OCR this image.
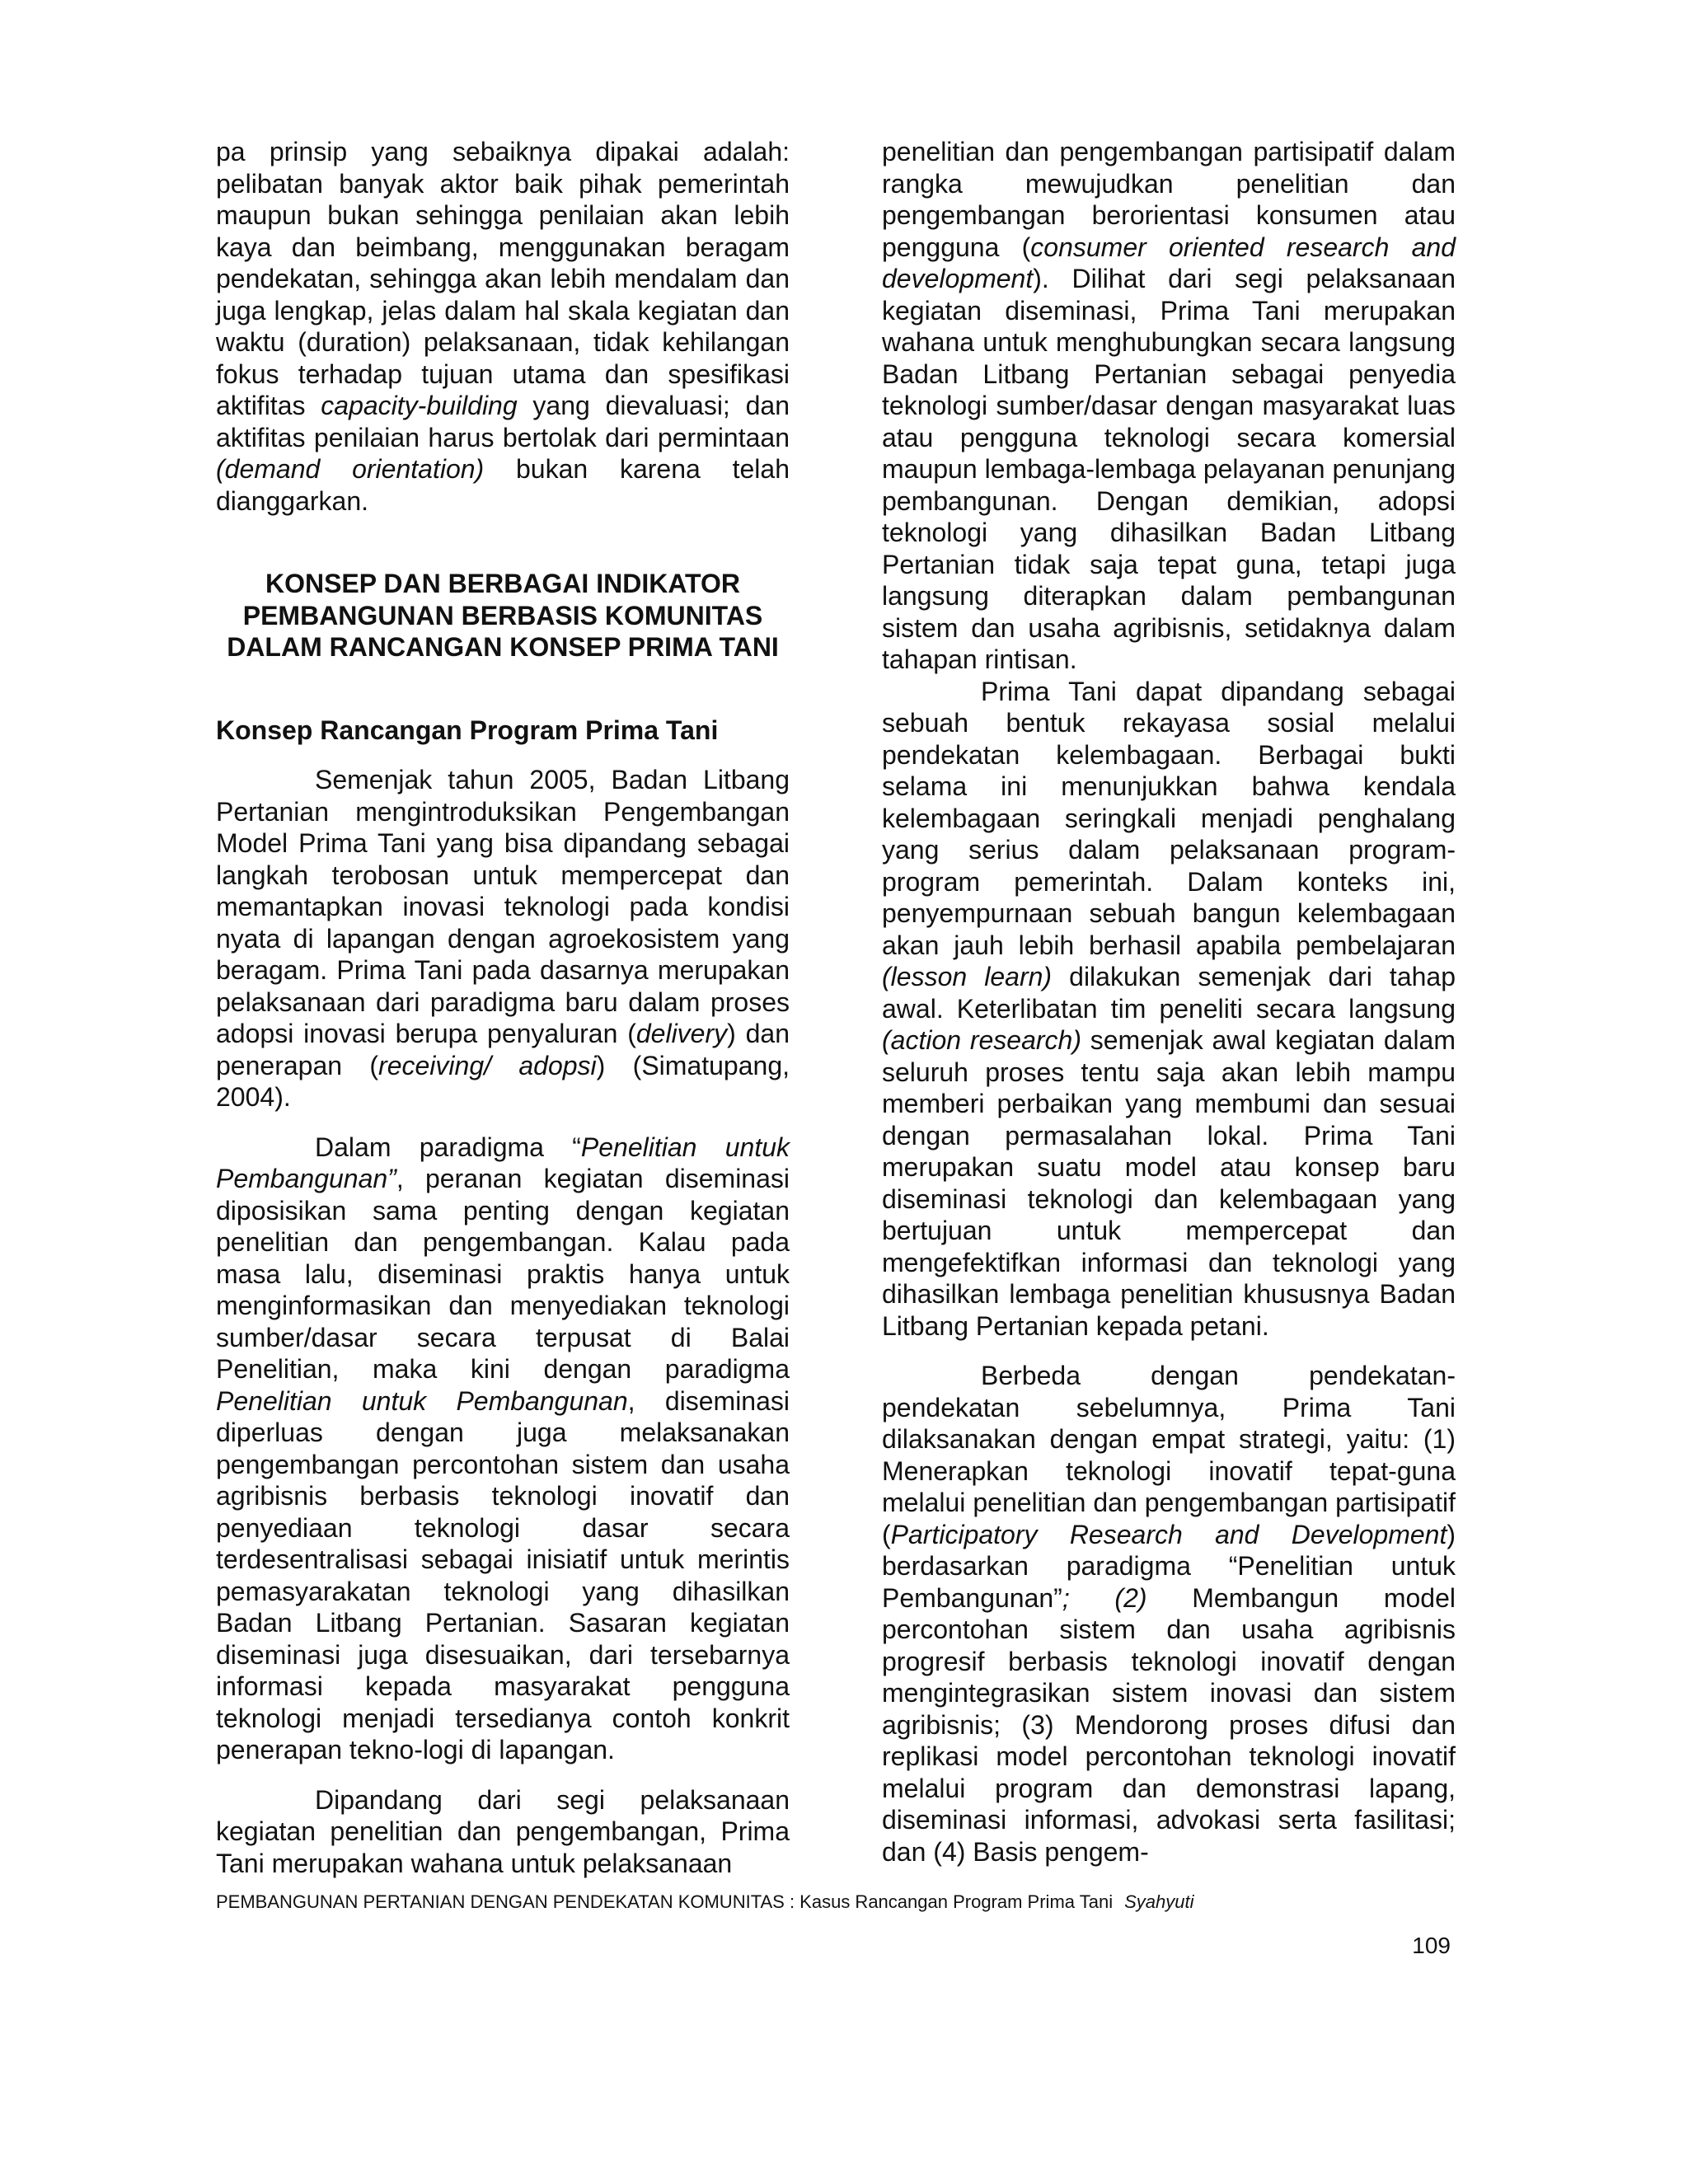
pa prinsip yang sebaiknya dipakai adalah: pelibatan banyak aktor baik pihak pemerintah maupun bukan sehingga penilaian akan lebih kaya dan beimbang, menggunakan beragam pendekatan, sehingga akan lebih mendalam dan juga lengkap, jelas dalam hal skala kegiatan dan waktu (duration) pelaksanaan, tidak kehilangan fokus terhadap tujuan utama dan spesifikasi aktifitas capacity-building yang dievaluasi; dan aktifitas penilaian harus bertolak dari permintaan (demand orientation) bukan karena telah dianggarkan.

KONSEP DAN BERBAGAI INDIKATOR PEMBANGUNAN BERBASIS KOMUNITAS DALAM RANCANGAN KONSEP PRIMA TANI
Konsep Rancangan Program Prima Tani

Semenjak tahun 2005, Badan Litbang Pertanian mengintroduksikan Pengembangan Model Prima Tani yang bisa dipandang sebagai langkah terobosan untuk mempercepat dan memantapkan inovasi teknologi pada kondisi nyata di lapangan dengan agroekosistem yang beragam. Prima Tani pada dasarnya merupakan pelaksanaan dari paradigma baru dalam proses adopsi inovasi berupa penyaluran (delivery) dan penerapan (receiving/ adopsi) (Simatupang, 2004).

Dalam paradigma “Penelitian untuk Pembangunan”, peranan kegiatan diseminasi diposisikan sama penting dengan kegiatan penelitian dan pengembangan. Kalau pada masa lalu, diseminasi praktis hanya untuk menginformasikan dan menyediakan teknologi sumber/dasar secara terpusat di Balai Penelitian, maka kini dengan paradigma Penelitian untuk Pembangunan, diseminasi diperluas dengan juga melaksanakan pengembangan percontohan sistem dan usaha agribisnis berbasis teknologi inovatif dan penyediaan teknologi dasar secara terdesentralisasi sebagai inisiatif untuk merintis pemasyarakatan teknologi yang dihasilkan Badan Litbang Pertanian. Sasaran kegiatan diseminasi juga disesuaikan, dari tersebarnya informasi kepada masyarakat pengguna teknologi menjadi tersedianya contoh konkrit penerapan tekno-logi di lapangan.

Dipandang dari segi pelaksanaan kegiatan penelitian dan pengembangan, Prima Tani merupakan wahana untuk pelaksanaan

penelitian dan pengembangan partisipatif dalam rangka mewujudkan penelitian dan pengembangan berorientasi konsumen atau pengguna (consumer oriented research and development). Dilihat dari segi pelaksanaan kegiatan diseminasi, Prima Tani merupakan wahana untuk menghubungkan secara langsung Badan Litbang Pertanian sebagai penyedia teknologi sumber/dasar dengan masyarakat luas atau pengguna teknologi secara komersial maupun lembaga-lembaga pelayanan penunjang pembangunan. Dengan demikian, adopsi teknologi yang dihasilkan Badan Litbang Pertanian tidak saja tepat guna, tetapi juga langsung diterapkan dalam pembangunan sistem dan usaha agribisnis, setidaknya dalam tahapan rintisan.

Prima Tani dapat dipandang sebagai sebuah bentuk rekayasa sosial melalui pendekatan kelembagaan. Berbagai bukti selama ini menunjukkan bahwa kendala kelembagaan seringkali menjadi penghalang yang serius dalam pelaksanaan program-program pemerintah. Dalam konteks ini, penyempurnaan sebuah bangun kelembagaan akan jauh lebih berhasil apabila pembelajaran (lesson learn) dilakukan semenjak dari tahap awal. Keterlibatan tim peneliti secara langsung (action research) semenjak awal kegiatan dalam seluruh proses tentu saja akan lebih mampu memberi perbaikan yang membumi dan sesuai dengan permasalahan lokal. Prima Tani merupakan suatu model atau konsep baru diseminasi teknologi dan kelembagaan yang bertujuan untuk mempercepat dan mengefektifkan informasi dan teknologi yang dihasilkan lembaga penelitian khususnya Badan Litbang Pertanian kepada petani.

Berbeda dengan pendekatan-pendekatan sebelumnya, Prima Tani dilaksanakan dengan empat strategi, yaitu: (1) Menerapkan teknologi inovatif tepat-guna melalui penelitian dan pengembangan partisipatif (Participatory Research and Development) berdasarkan paradigma “Penelitian untuk Pembangunan”; (2) Membangun model percontohan sistem dan usaha agribisnis progresif berbasis teknologi inovatif dengan mengintegrasikan sistem inovasi dan sistem agribisnis; (3) Mendorong proses difusi dan replikasi model percontohan teknologi inovatif melalui program dan demonstrasi lapang, diseminasi informasi, advokasi serta fasilitasi; dan (4) Basis pengem-

PEMBANGUNAN PERTANIAN DENGAN PENDEKATAN KOMUNITAS : Kasus Rancangan Program Prima Tani Syahyuti
109
